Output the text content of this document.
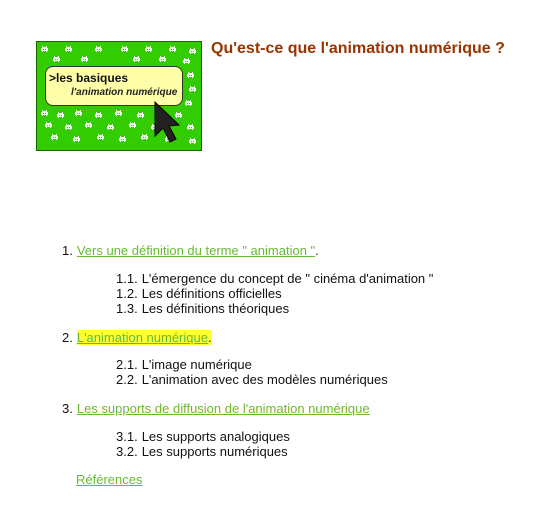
>les basiques
l'animation numérique
Qu'est-ce que l'animation numérique ?
1. Vers une définition du terme " animation ".
1.1. L'émergence du concept de " cinéma d'animation "
1.2. Les définitions officielles
1.3. Les définitions théoriques
2. L'animation numérique.
2.1. L'image numérique
2.2. L'animation avec des modèles numériques
3. Les supports de diffusion de l'animation numérique
3.1. Les supports analogiques
3.2. Les supports numériques
Références
